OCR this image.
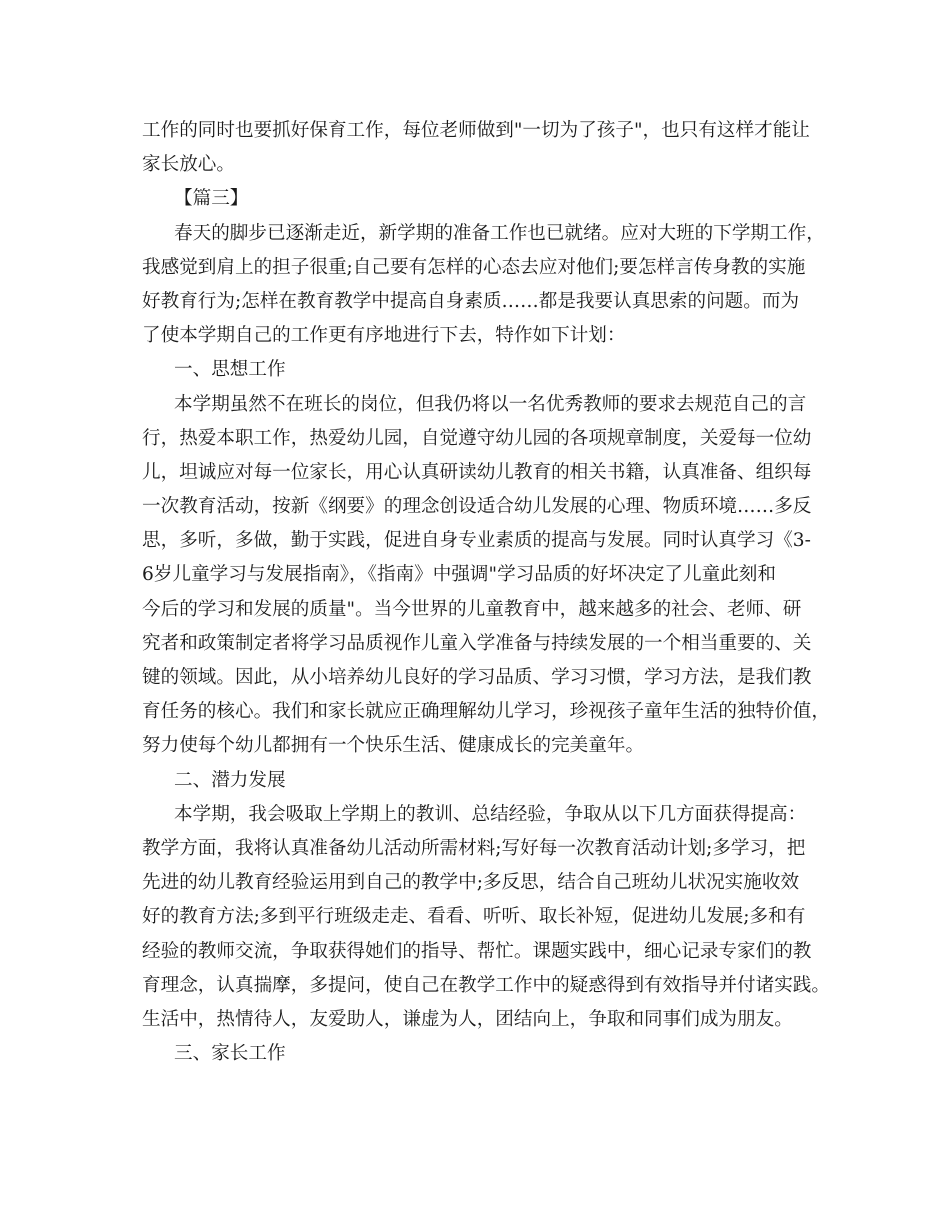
工作的同时也要抓好保育工作，每位老师做到"一切为了孩子"，也只有这样才能让
家长放心。
【篇三】
春天的脚步已逐渐走近，新学期的准备工作也已就绪。应对大班的下学期工作，
我感觉到肩上的担子很重;自己要有怎样的心态去应对他们;要怎样言传身教的实施
好教育行为;怎样在教育教学中提高自身素质……都是我要认真思索的问题。而为
了使本学期自己的工作更有序地进行下去，特作如下计划：
一、思想工作
本学期虽然不在班长的岗位，但我仍将以一名优秀教师的要求去规范自己的言
行，热爱本职工作，热爱幼儿园，自觉遵守幼儿园的各项规章制度，关爱每一位幼
儿，坦诚应对每一位家长，用心认真研读幼儿教育的相关书籍，认真准备、组织每
一次教育活动，按新《纲要》的理念创设适合幼儿发展的心理、物质环境……多反
思，多听，多做，勤于实践，促进自身专业素质的提高与发展。同时认真学习《3-
6岁儿童学习与发展指南》，《指南》中强调"学习品质的好坏决定了儿童此刻和
今后的学习和发展的质量"。当今世界的儿童教育中，越来越多的社会、老师、研
究者和政策制定者将学习品质视作儿童入学准备与持续发展的一个相当重要的、关
键的领域。因此，从小培养幼儿良好的学习品质、学习习惯，学习方法，是我们教
育任务的核心。我们和家长就应正确理解幼儿学习，珍视孩子童年生活的独特价值，
努力使每个幼儿都拥有一个快乐生活、健康成长的完美童年。
二、潜力发展
本学期，我会吸取上学期上的教训、总结经验，争取从以下几方面获得提高：
教学方面，我将认真准备幼儿活动所需材料;写好每一次教育活动计划;多学习，把
先进的幼儿教育经验运用到自己的教学中;多反思，结合自己班幼儿状况实施收效
好的教育方法;多到平行班级走走、看看、听听、取长补短，促进幼儿发展;多和有
经验的教师交流，争取获得她们的指导、帮忙。课题实践中，细心记录专家们的教
育理念，认真揣摩，多提问，使自己在教学工作中的疑惑得到有效指导并付诸实践。
生活中，热情待人，友爱助人，谦虚为人，团结向上，争取和同事们成为朋友。
三、家长工作
